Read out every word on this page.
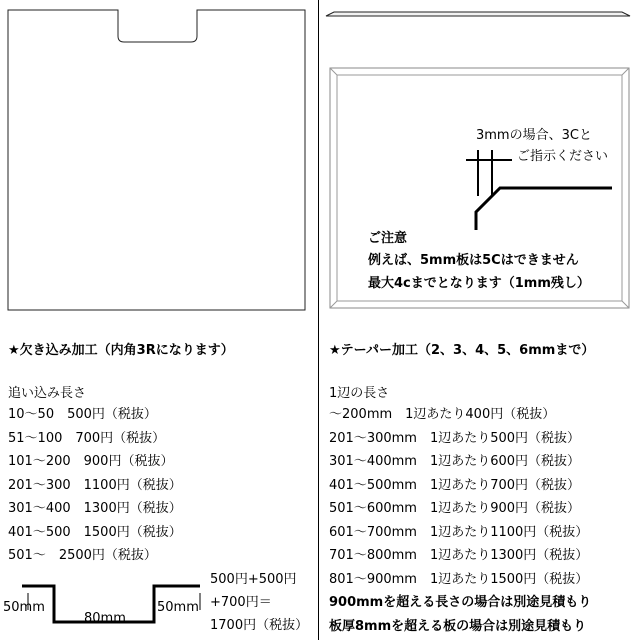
★欠き込み加工（内角3Rになります）
追い込み長さ
10～50　500円（税抜）
51～100　700円（税抜）
101～200　900円（税抜）
201～300　1100円（税抜）
301～400　1300円（税抜）
401～500　1500円（税抜）
501～　2500円（税抜）
50mm
80mm
50mm
500円+500円
+700円＝
1700円（税抜）
3mmの場合、3Cと
ご指示ください
ご注意
例えば、5mm板は5Cはできません
最大4cまでとなります（1mm残し）
★テーパー加工（2、3、4、5、6mmまで）
1辺の長さ
～200mm　1辺あたり400円（税抜）
201～300mm　1辺あたり500円（税抜）
301～400mm　1辺あたり600円（税抜）
401～500mm　1辺あたり700円（税抜）
501～600mm　1辺あたり900円（税抜）
601～700mm　1辺あたり1100円（税抜）
701～800mm　1辺あたり1300円（税抜）
801～900mm　1辺あたり1500円（税抜）
900mmを超える長さの場合は別途見積もり
板厚8mmを超える板の場合は別途見積もり
